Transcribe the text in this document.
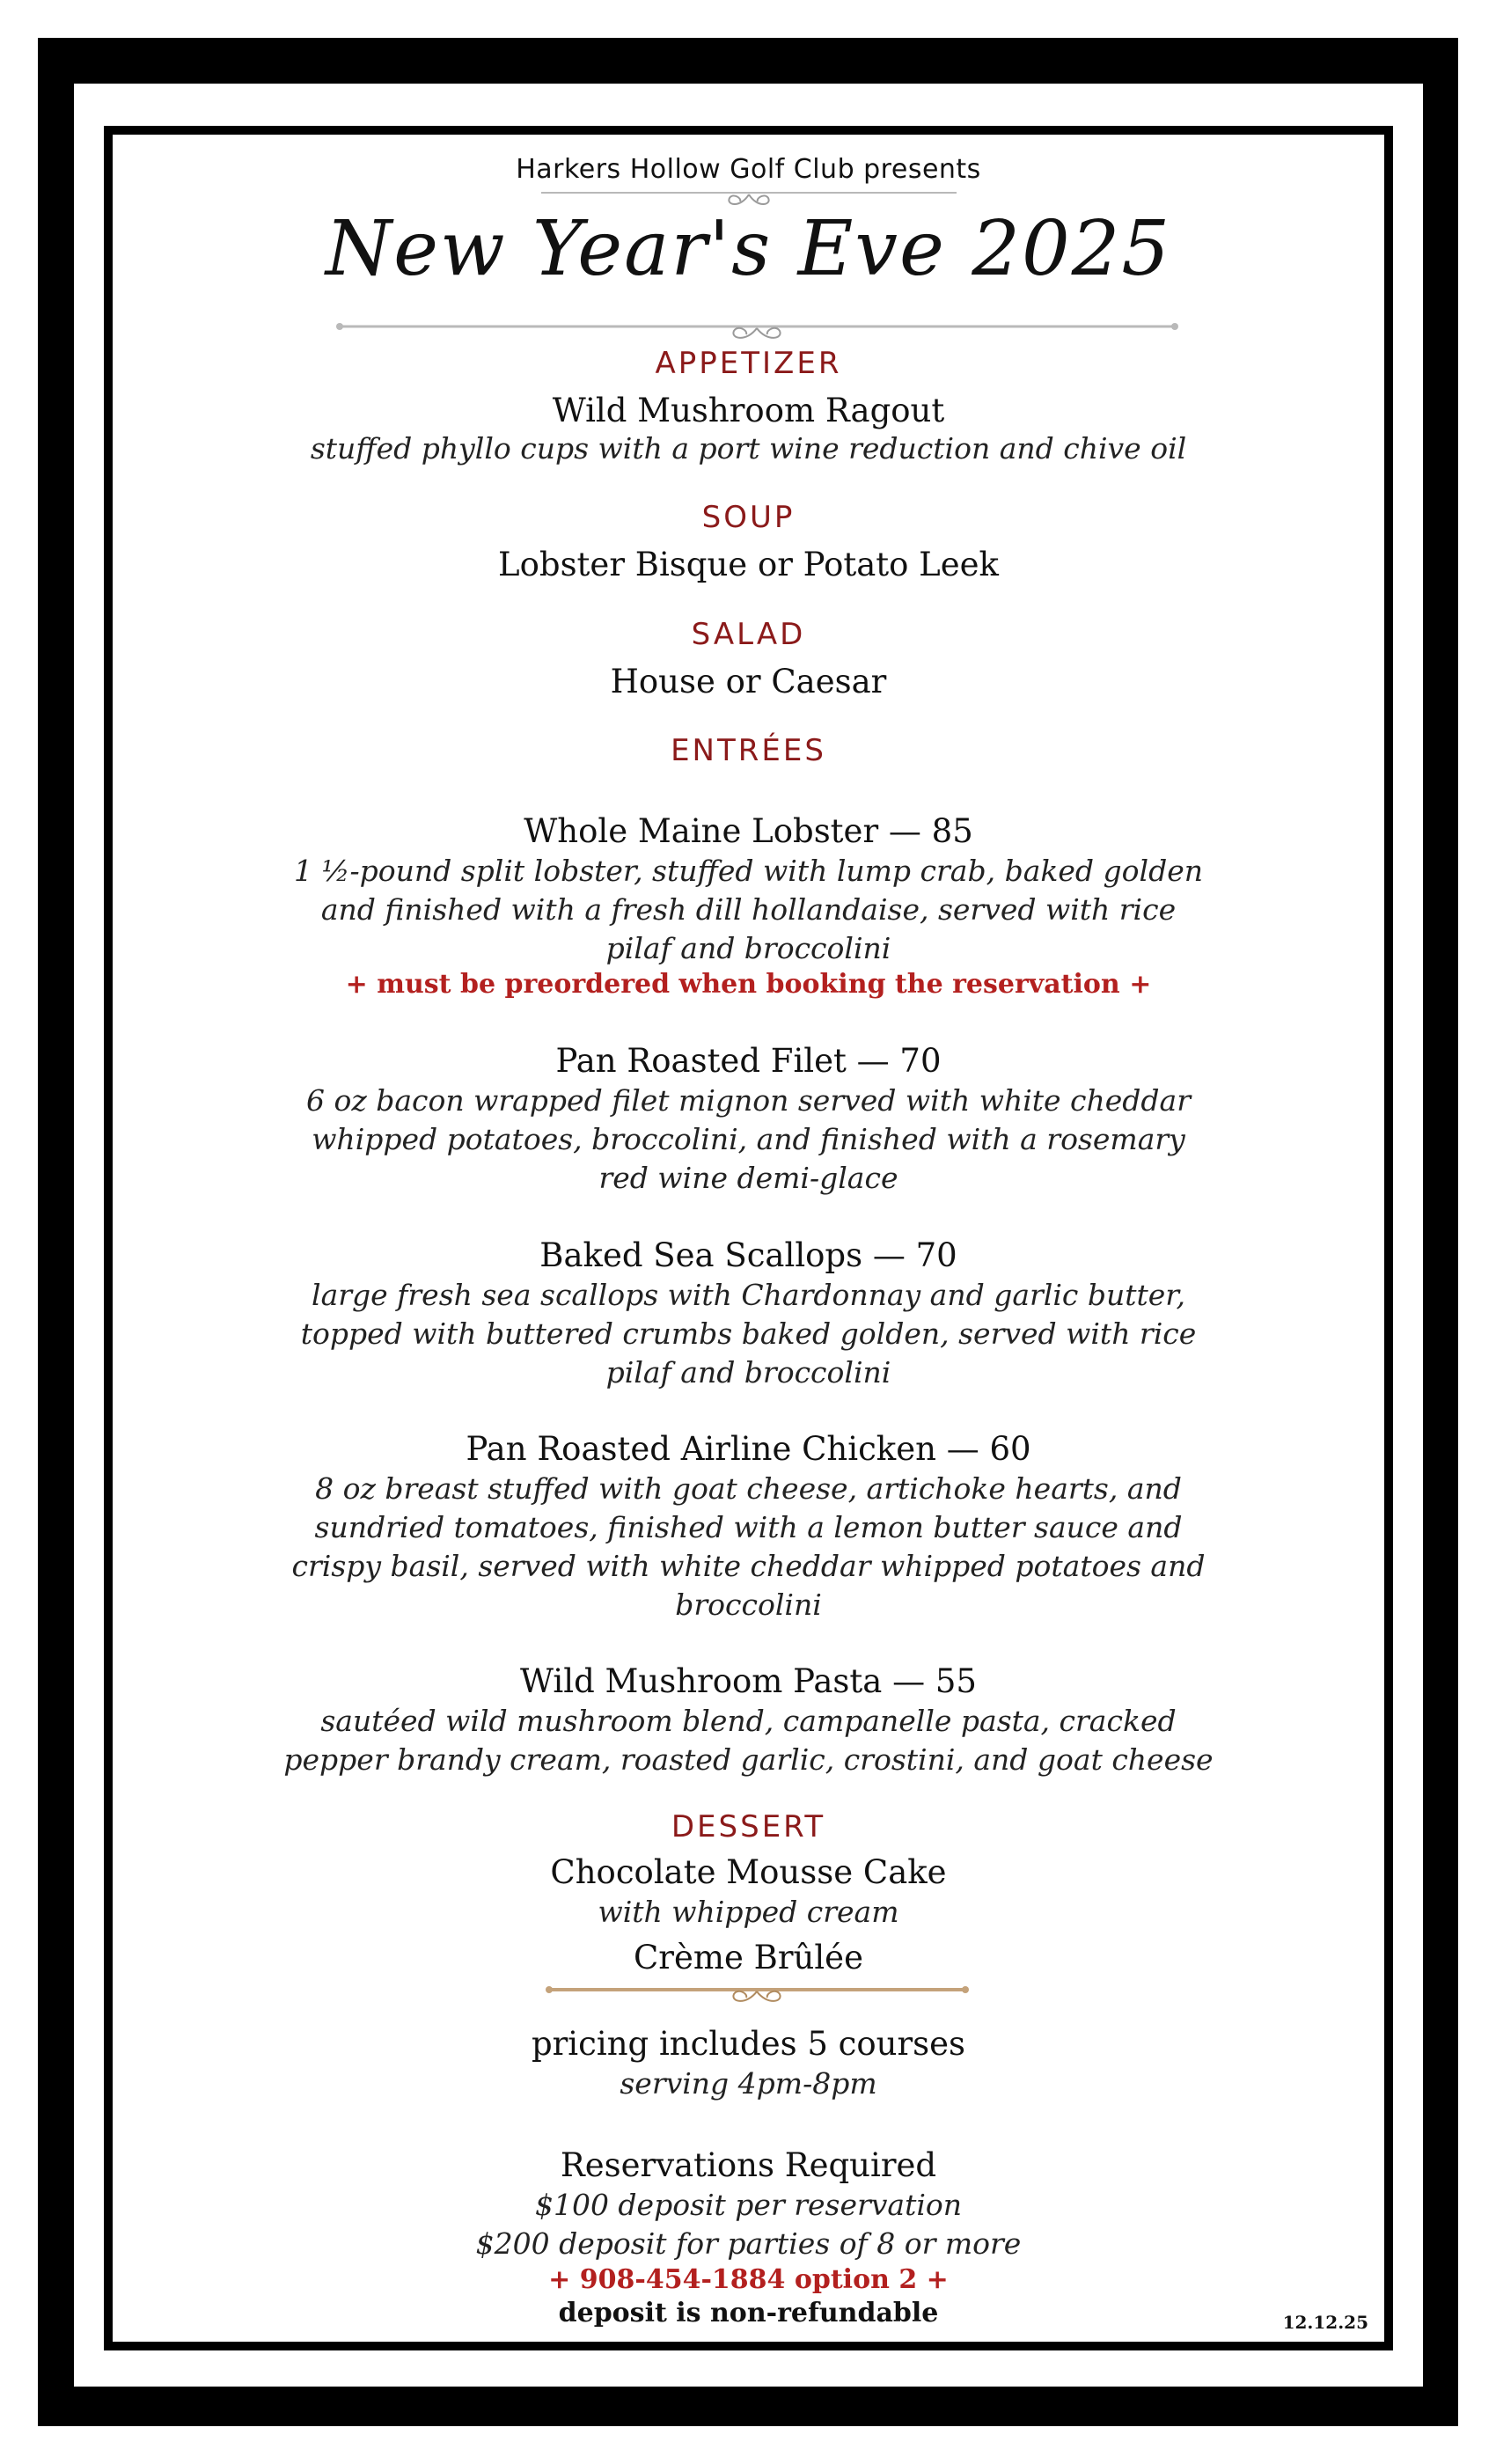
Harkers Hollow Golf Club presents
New Year's Eve 2025
APPETIZER
Wild Mushroom Ragout
stuffed phyllo cups with a port wine reduction and chive oil
SOUP
Lobster Bisque or Potato Leek
SALAD
House or Caesar
ENTRÉES
Whole Maine Lobster — 85
1 ½-pound split lobster, stuffed with lump crab, baked golden
and finished with a fresh dill hollandaise, served with rice
pilaf and broccolini
+ must be preordered when booking the reservation +
Pan Roasted Filet — 70
6 oz bacon wrapped filet mignon served with white cheddar
whipped potatoes, broccolini, and finished with a rosemary
red wine demi-glace
Baked Sea Scallops — 70
large fresh sea scallops with Chardonnay and garlic butter,
topped with buttered crumbs baked golden, served with rice
pilaf and broccolini
Pan Roasted Airline Chicken — 60
8 oz breast stuffed with goat cheese, artichoke hearts, and
sundried tomatoes, finished with a lemon butter sauce and
crispy basil, served with white cheddar whipped potatoes and
broccolini
Wild Mushroom Pasta — 55
sautéed wild mushroom blend, campanelle pasta, cracked
pepper brandy cream, roasted garlic, crostini, and goat cheese
DESSERT
Chocolate Mousse Cake
with whipped cream
Crème Brûlée
pricing includes 5 courses
serving 4pm-8pm
Reservations Required
$100 deposit per reservation
$200 deposit for parties of 8 or more
+ 908-454-1884 option 2 +
deposit is non-refundable	12.12.25
